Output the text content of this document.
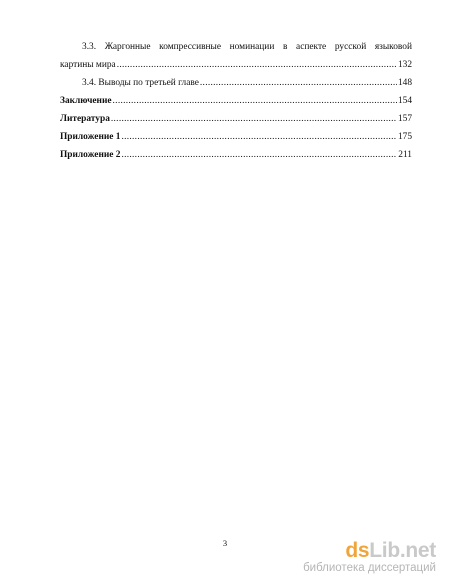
3.3. Жаргонные компрессивные номинации в аспекте русской языковой
картины мира .....	132
3.4. Выводы по третьей главе .....	148
Заключение .....	154
Литература .....	157
Приложение 1 .....	175
Приложение 2 .....	211
3	dsLib.net
библиотека диссертаций
